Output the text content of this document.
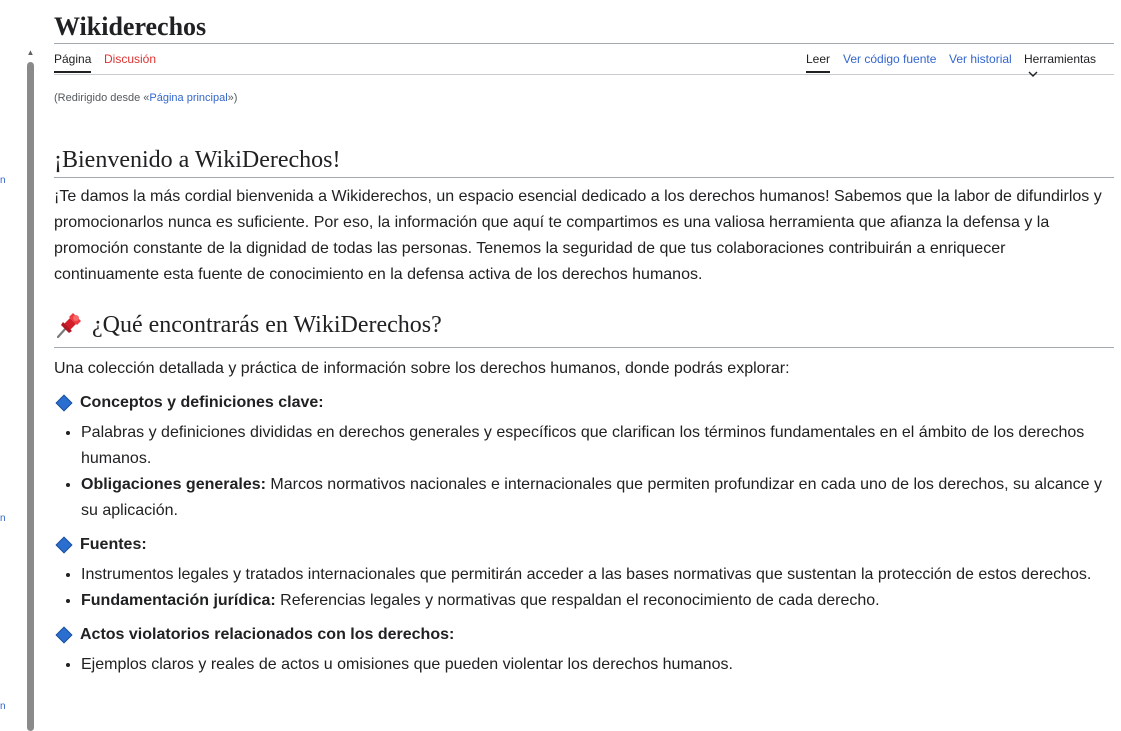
n
n
n
▲
Wikiderechos
Página Discusión	Leer Ver código fuente Ver historial Herramientas
(Redirigido desde «Página principal»)
¡Bienvenido a WikiDerechos!

¡Te damos la más cordial bienvenida a Wikiderechos, un espacio esencial dedicado a los derechos humanos! Sabemos que la labor de difundirlos y promocionarlos nunca es suficiente. Por eso, la información que aquí te compartimos es una valiosa herramienta que afianza la defensa y la promoción constante de la dignidad de todas las personas. Tenemos la seguridad de que tus colaboraciones contribuirán a enriquecer continuamente esta fuente de conocimiento en la defensa activa de los derechos humanos.

¿Qué encontrarás en WikiDerechos?

Una colección detallada y práctica de información sobre los derechos humanos, donde podrás explorar:

Conceptos y definiciones clave:
• Palabras y definiciones divididas en derechos generales y específicos que clarifican los términos fundamentales en el ámbito de los derechos humanos.
• Obligaciones generales: Marcos normativos nacionales e internacionales que permiten profundizar en cada uno de los derechos, su alcance y su aplicación.
Fuentes:
• Instrumentos legales y tratados internacionales que permitirán acceder a las bases normativas que sustentan la protección de estos derechos.
• Fundamentación jurídica: Referencias legales y normativas que respaldan el reconocimiento de cada derecho.
Actos violatorios relacionados con los derechos:
• Ejemplos claros y reales de actos u omisiones que pueden violentar los derechos humanos.
